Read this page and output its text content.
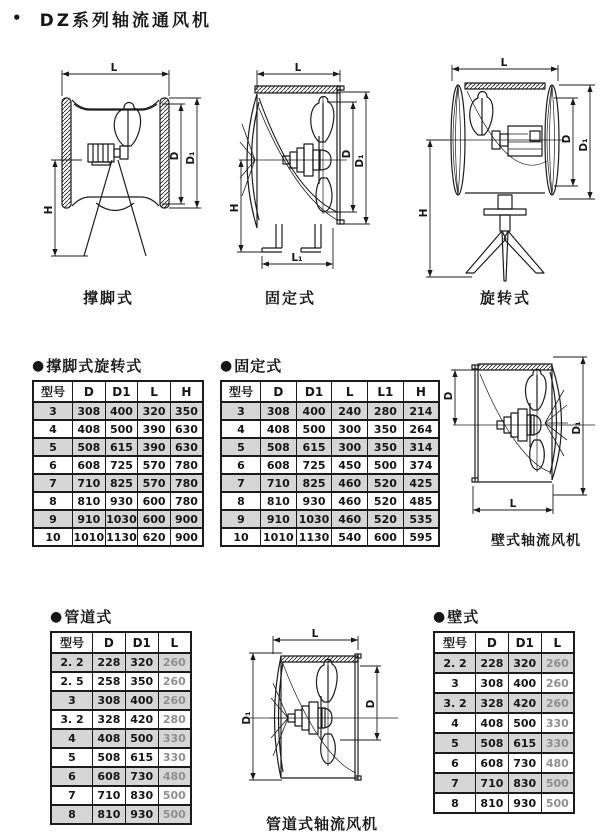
• DZ系列轴流通风机
L
D D₁
H
L
D
D₁
H
L₁
L
D D₁
H
撑脚式	固定式	旋转式
● 撑脚式旋转式
型号	D	D1	L	H
3	308	400	320	350
4	408	500	390	630
5	508	615	390	630
6	608	725	570	780
7	710	825	570	780
8	810	930	600	780
9	910	1030	600	900
10	1010	1130	620	900
● 固定式
型号	D	D1	L	L1	H
3	308	400	240	280	214
4	408	500	300	350	264
5	508	615	300	350	314
6	608	725	450	500	374
7	710	825	460	520	425
8	810	930	460	520	485
9	910	1030	460	520	535
10	1010	1130	540	600	595
D
D₁
L
壁式轴流风机
● 管道式
型号	D	D1	L
2. 2	228	320	260
2. 5	258	350	260
3	308	400	260
3. 2	328	420	280
4	408	500	330
5	508	615	330
6	608	730	480
7	710	830	500
8	810	930	500
L
D₁
D
管道式轴流风机
● 壁式
型号	D	D1	L
2. 2	228	320	260
3	308	400	260
3. 2	328	420	260
4	408	500	330
5	508	615	330
6	608	730	480
7	710	830	500
8	810	930	500
